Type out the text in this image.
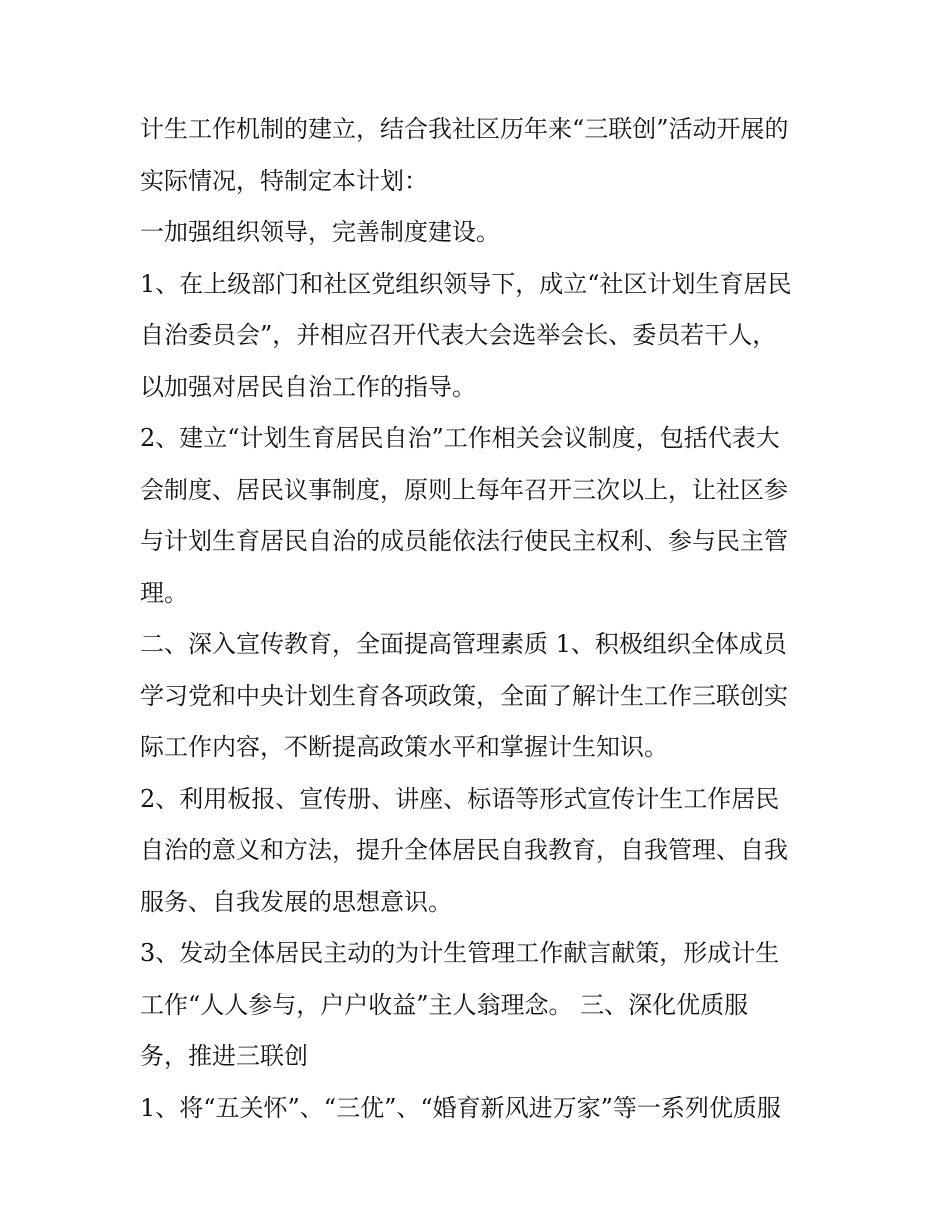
计生工作机制的建立，结合我社区历年来“三联创”活动开展的
实际情况，特制定本计划：
一加强组织领导，完善制度建设。
1、在上级部门和社区党组织领导下，成立“社区计划生育居民
自治委员会”，并相应召开代表大会选举会长、委员若干人，
以加强对居民自治工作的指导。
2、建立“计划生育居民自治”工作相关会议制度，包括代表大
会制度、居民议事制度，原则上每年召开三次以上，让社区参
与计划生育居民自治的成员能依法行使民主权利、参与民主管
理。
二、深入宣传教育，全面提高管理素质 1、积极组织全体成员
学习党和中央计划生育各项政策，全面了解计生工作三联创实
际工作内容，不断提高政策水平和掌握计生知识。
2、利用板报、宣传册、讲座、标语等形式宣传计生工作居民
自治的意义和方法，提升全体居民自我教育，自我管理、自我
服务、自我发展的思想意识。
3、发动全体居民主动的为计生管理工作献言献策，形成计生
工作“人人参与，户户收益”主人翁理念。 三、深化优质服
务，推进三联创
1、将“五关怀”、“三优”、“婚育新风进万家”等一系列优质服
